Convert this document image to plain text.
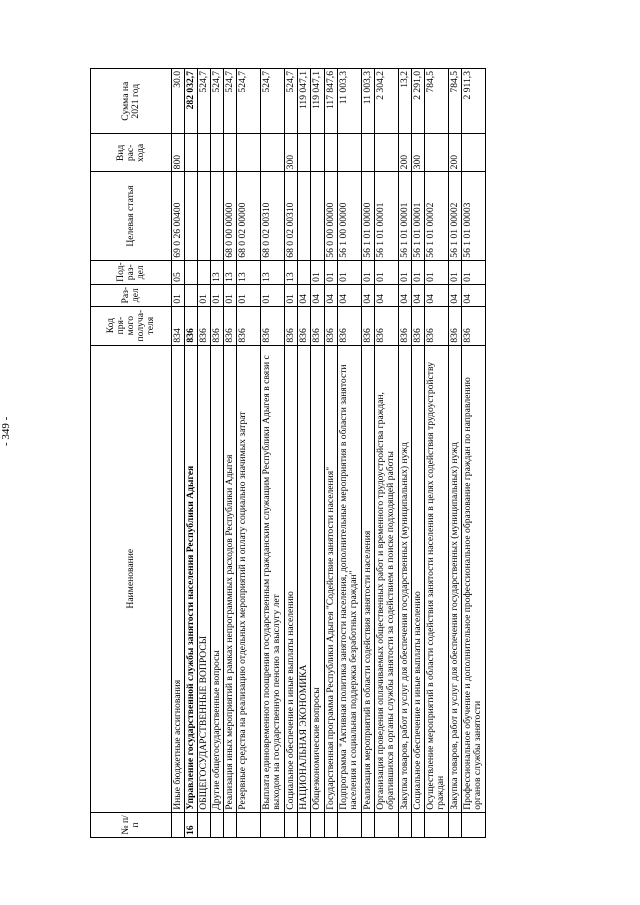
- 349 -
№ п/п	Наименование	Код пря-мого получа-теля	Раз-дел	Под-раз-дел	Целевая статья	Вид рас-хода	Сумма на 2021 год
	Иные бюджетные ассигнования	834	01	05	69 0 26 00400	800	30.0
16	Управление государственной службы занятости населения Республики Адыгея	836					282 032,7
	ОБЩЕГОСУДАРСТВЕННЫЕ ВОПРОСЫ	836	01				524,7
	Другие общегосударственные вопросы	836	01	13			524,7
	Реализация иных мероприятий в рамках непрограммных расходов Республики Адыгея	836	01	13	68 0 00 00000		524,7
	Резервные средства на реализацию отдельных мероприятий и оплату социально значимых затрат	836	01	13	68 0 02 00000		524,7
	Выплата единовременного поощрения государственным гражданским служащим Республики Адыгея в связи с выходом на государственную пенсию за выслугу лет	836	01	13	68 0 02 00310		524,7
	Социальное обеспечение и иные выплаты населению	836	01	13	68 0 02 00310	300	524,7
	НАЦИОНАЛЬНАЯ ЭКОНОМИКА	836	04				119 047,1
	Общеэкономические вопросы	836	04	01			119 047,1
	Государственная программа Республики Адыгея "Содействие занятости населения"	836	04	01	56 0 00 00000		117 847,6
	Подпрограмма "Активная политика занятости населения, дополнительные мероприятия в области занятости населения и социальная поддержка безработных граждан"	836	04	01	56 1 00 00000		11 003,3
	Реализация мероприятий в области содействия занятости населения	836	04	01	56 1 01 00000		11 003,3
	Организация проведения оплачиваемых общественных работ и временного трудоустройства граждан, обратившихся в органы службы занятости за содействием в поиске подходящей работы	836	04	01	56 1 01 00001		2 304,2
	Закупка товаров, работ и услуг для обеспечения государственных (муниципальных) нужд	836	04	01	56 1 01 00001	200	13,2
	Социальное обеспечение и иные выплаты населению	836	04	01	56 1 01 00001	300	2 291,0
	Осуществление мероприятий в области содействия занятости населения в целях содействия трудоустройству граждан	836	04	01	56 1 01 00002		784,5
	Закупка товаров, работ и услуг для обеспечения государственных (муниципальных) нужд	836	04	01	56 1 01 00002	200	784,5
	Профессиональное обучение и дополнительное профессиональное образование граждан по направлению органов службы занятости	836	04	01	56 1 01 00003		2 911,3
